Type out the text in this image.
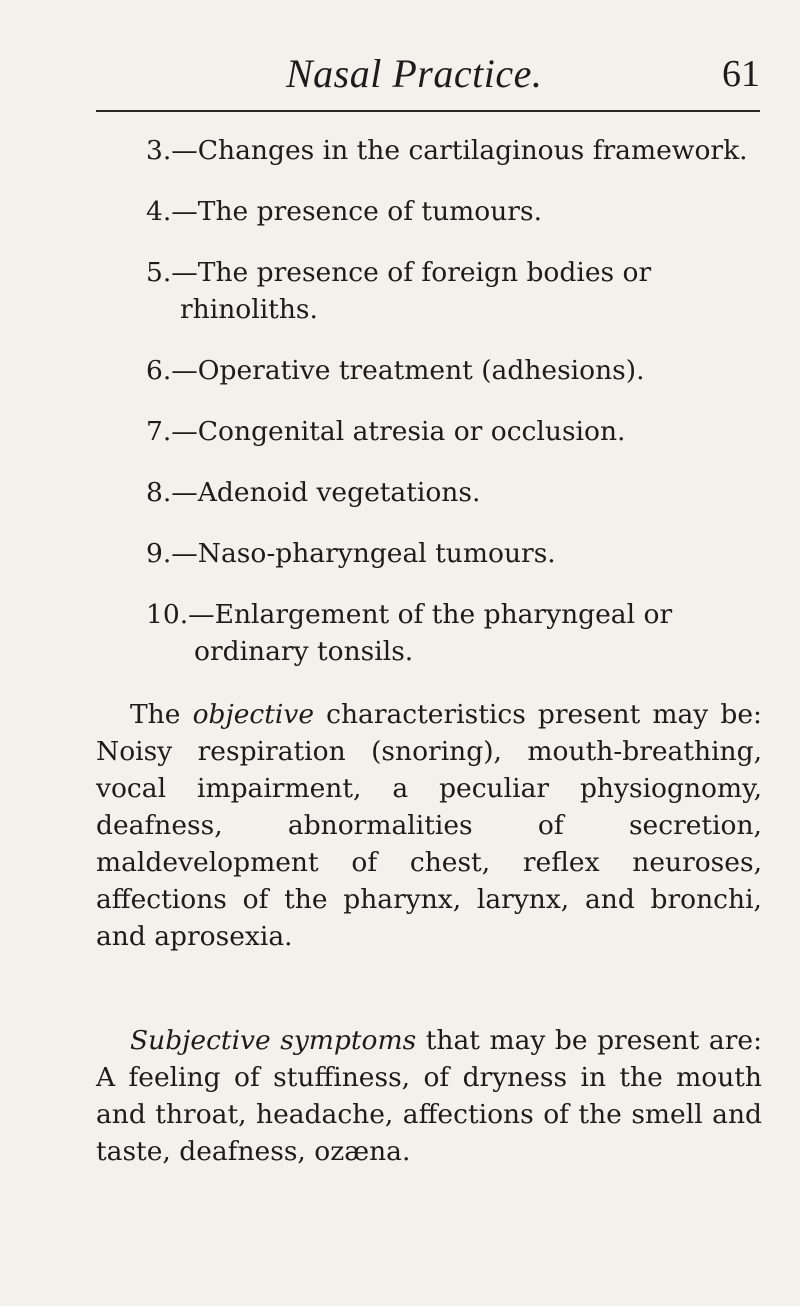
Nasal Practice.	61
3.—Changes in the cartilaginous framework.
4.—The presence of tumours.
5.—The presence of foreign bodies or rhinoliths.
6.—Operative treatment (adhesions).
7.—Congenital atresia or occlusion.
8.—Adenoid vegetations.
9.—Naso-pharyngeal tumours.
10.—Enlargement of the pharyngeal or ordinary tonsils.

The objective characteristics present may be: Noisy respiration (snoring), mouth-breathing, vocal impairment, a peculiar physiognomy, deafness, abnormalities of secretion, maldevelopment of chest, reflex neuroses, affections of the pharynx, larynx, and bronchi, and aprosexia.

Subjective symptoms that may be present are: A feeling of stuffiness, of dryness in the mouth and throat, headache, affections of the smell and taste, deafness, ozæna.
